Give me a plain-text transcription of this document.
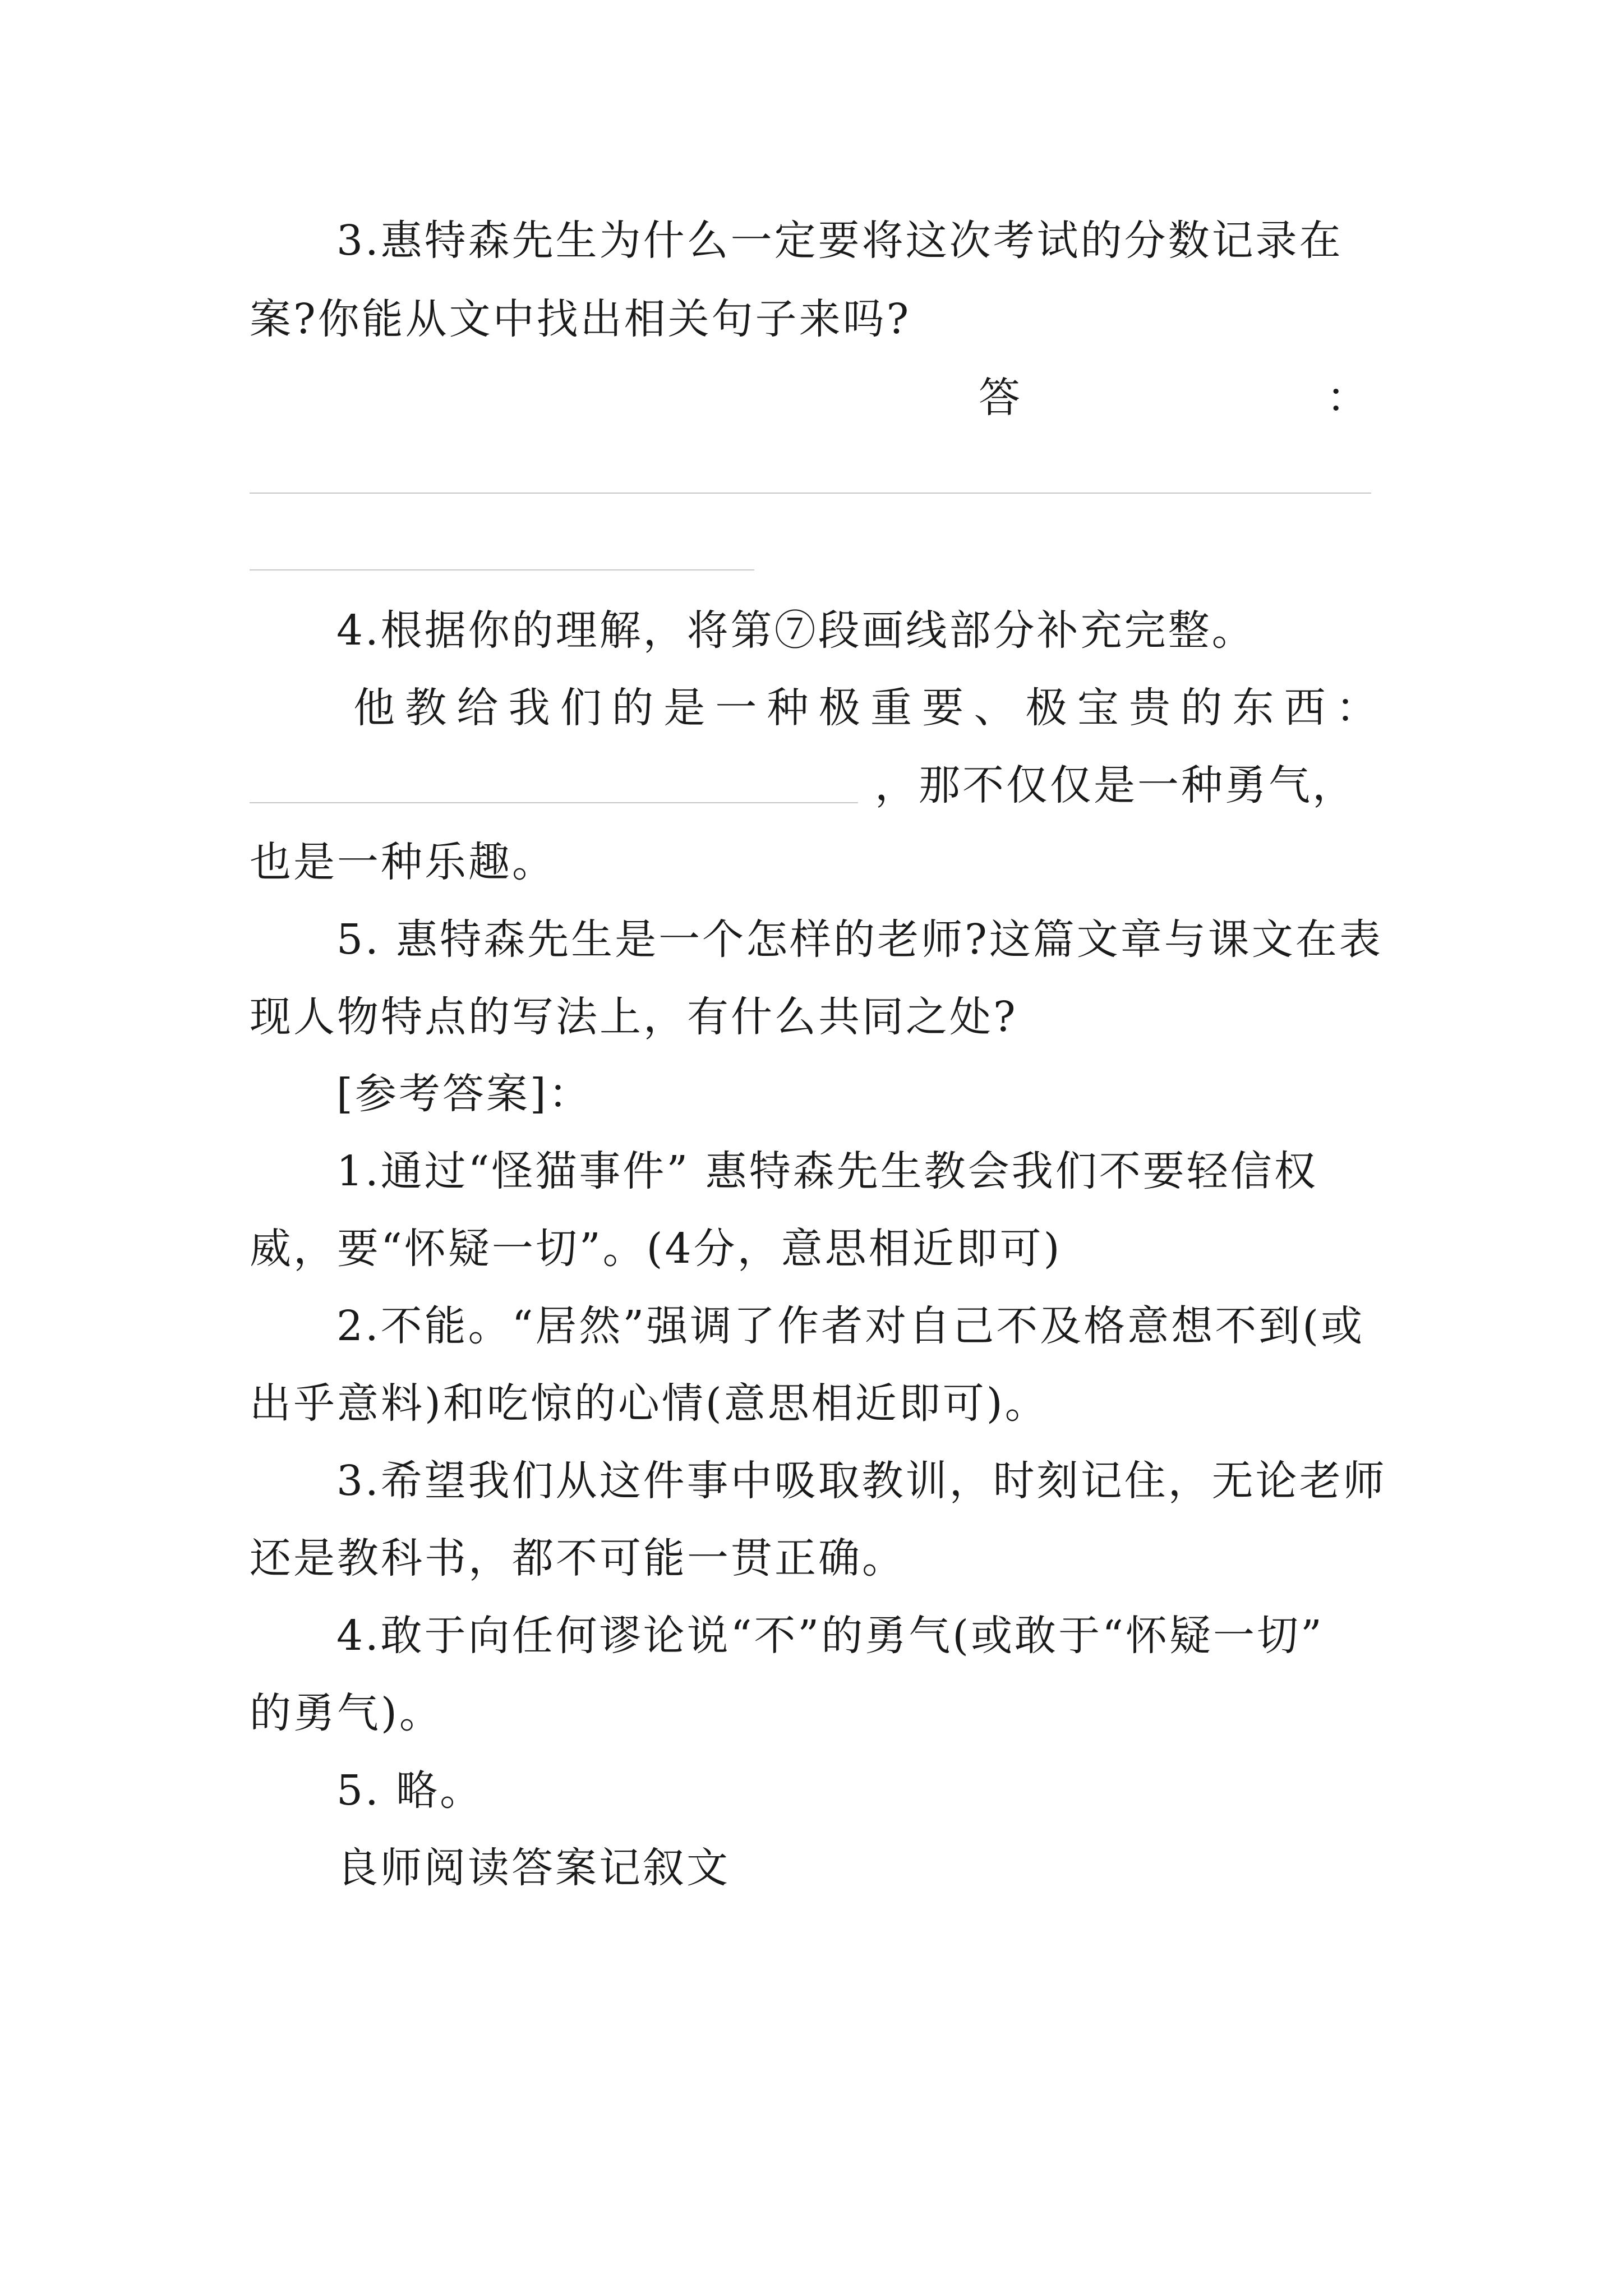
3.惠特森先生为什么一定要将这次考试的分数记录在
案?你能从文中找出相关句子来吗?
答	：
4.根据你的理解，将第⑦段画线部分补充完整。
他 教 给 我 们 的 是 一 种 极 重 要 、 极 宝 贵 的 东 西 ：
，那不仅仅是一种勇气，
也是一种乐趣。
5. 惠特森先生是一个怎样的老师?这篇文章与课文在表
现人物特点的写法上，有什么共同之处?
[参考答案]：
1.通过“怪猫事件” 惠特森先生教会我们不要轻信权
威，要“怀疑一切”。(4分，意思相近即可)
2.不能。“居然”强调了作者对自己不及格意想不到(或
出乎意料)和吃惊的心情(意思相近即可)。
3.希望我们从这件事中吸取教训，时刻记住，无论老师
还是教科书，都不可能一贯正确。
4.敢于向任何谬论说“不”的勇气(或敢于“怀疑一切”
的勇气)。
5. 略。
良师阅读答案记叙文
